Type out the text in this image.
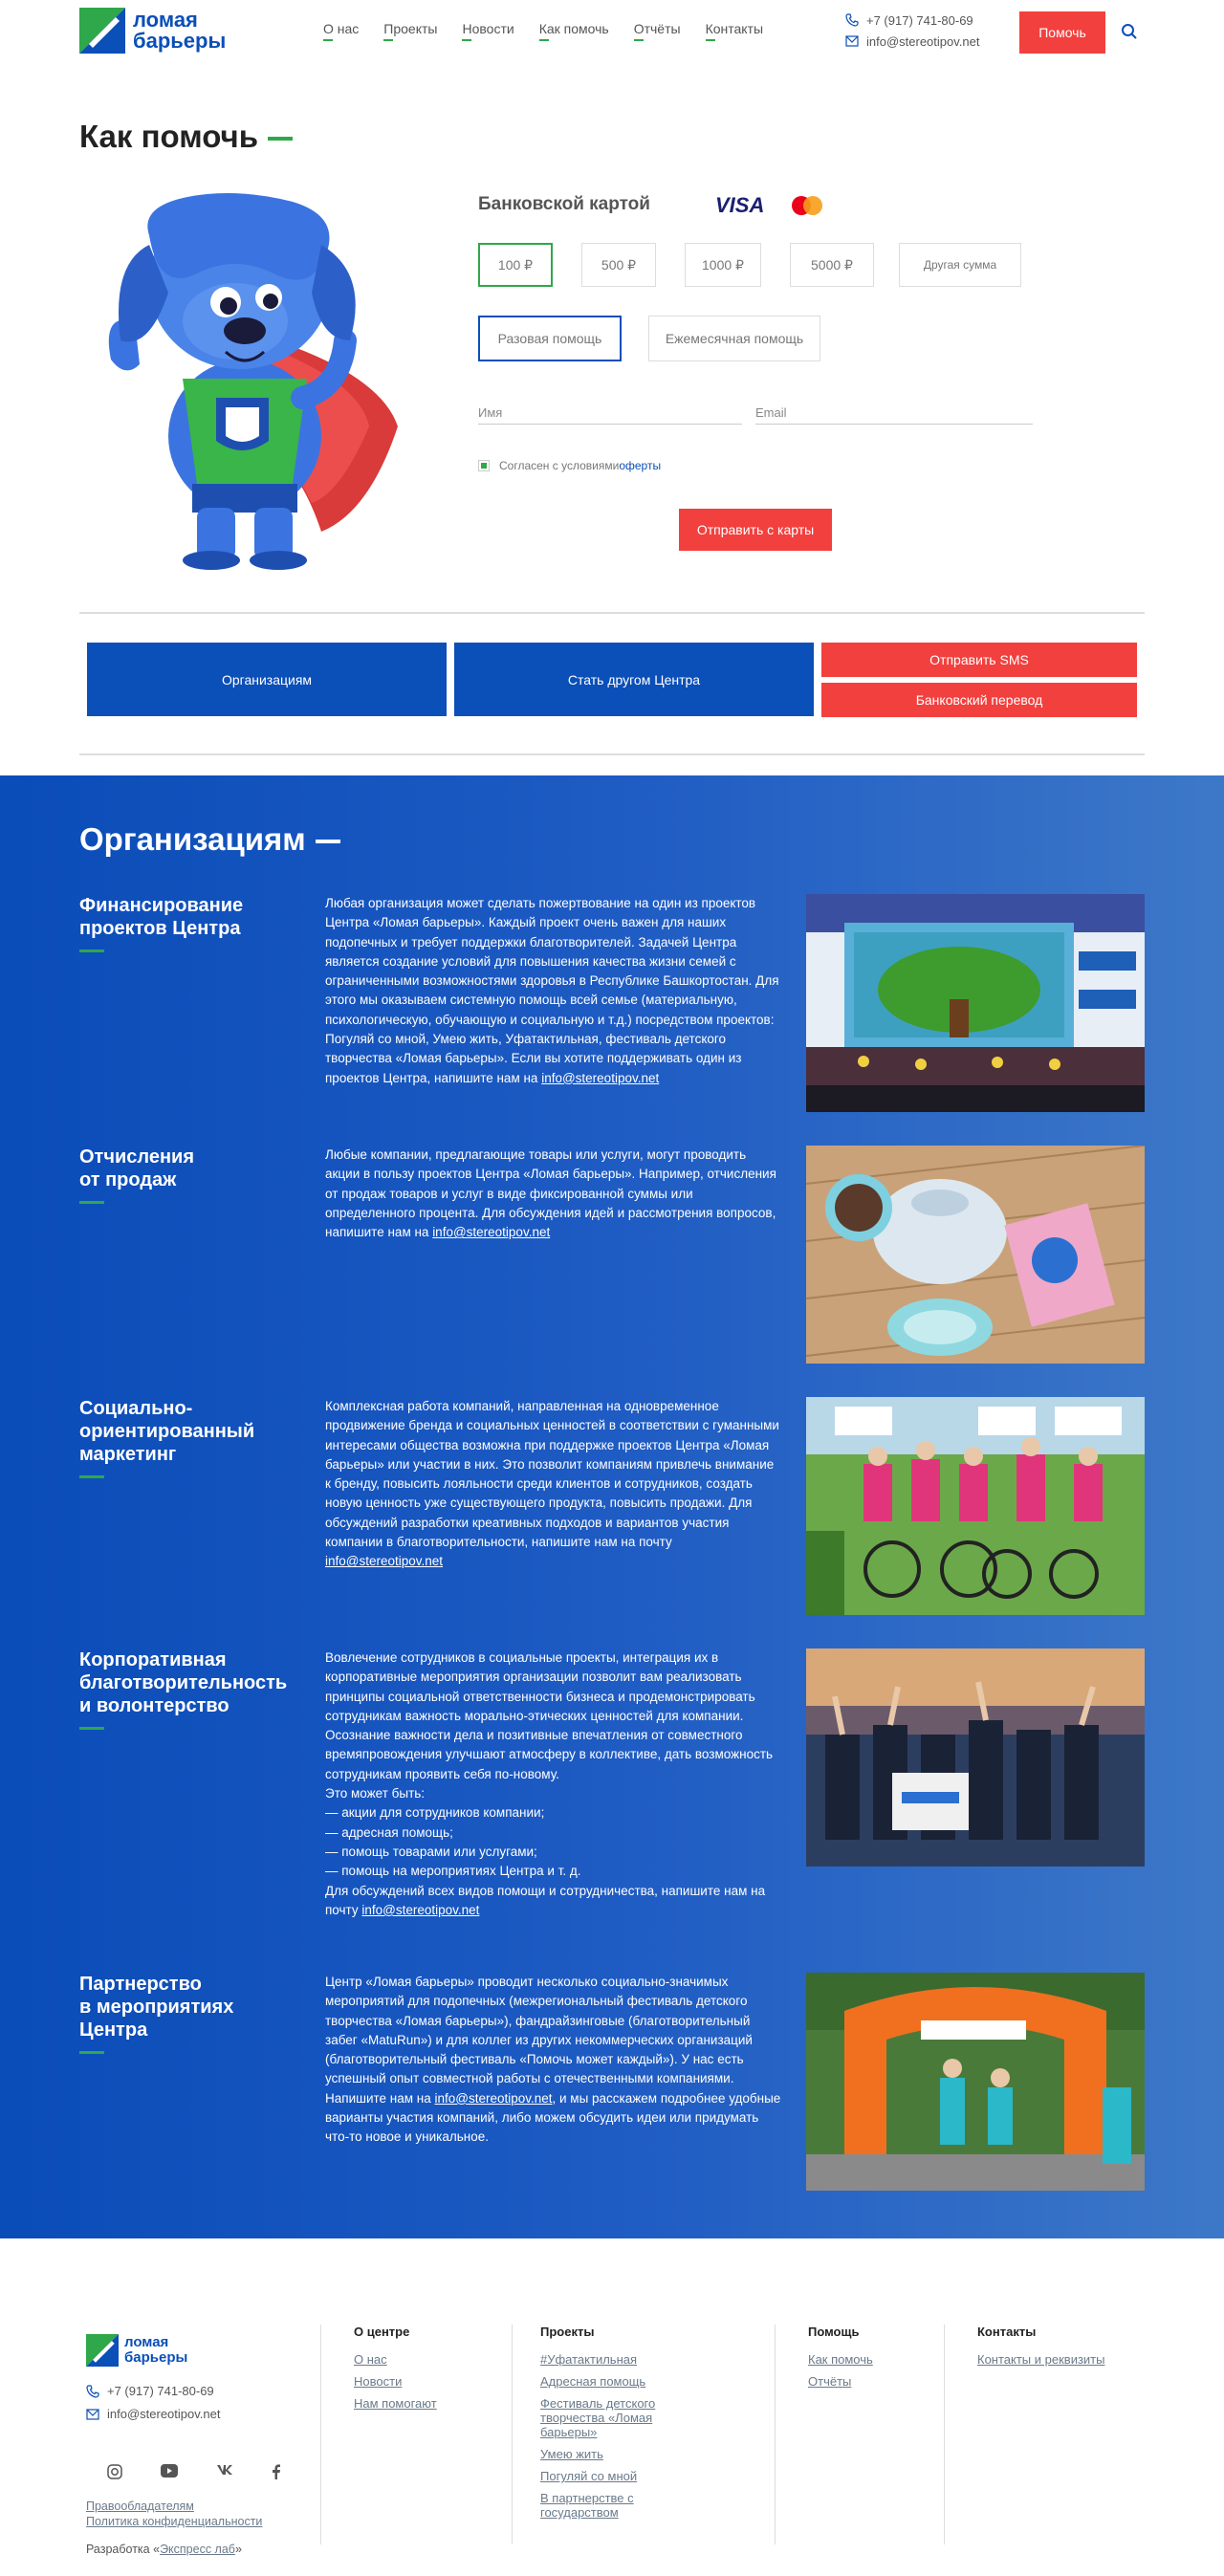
ломая
барьеры	О нас Проекты Новости Как помочь Отчёты Контакты
+7 (917) 741-80-69
info@stereotipov.net
Помочь
Как помочь
Банковской картой	VISA
100 ₽	500 ₽	1000 ₽	5000 ₽	Другая сумма
Разовая помощь	Ежемесячная помощь
Имя	Email
Согласен с условиями оферты
Отправить с карты
Организациям	Стать другом Центра
Отправить SMS
Банковский перевод
Организациям
Финансирование
проектов Центра
Любая организация может сделать пожертвование на один из проектов Центра «Ломая барьеры». Каждый проект очень важен для наших подопечных и требует поддержки благотворителей. Задачей Центра является создание условий для повышения качества жизни семей с ограниченными возможностями здоровья в Республике Башкортостан. Для этого мы оказываем системную помощь всей семье (материальную, психологическую, обучающую и социальную и т.д.) посредством проектов: Погуляй со мной, Умею жить, Уфатактильная, фестиваль детского творчества «Ломая барьеры». Если вы хотите поддерживать один из проектов Центра, напишите нам на info@stereotipov.net
Отчисления
от продаж
Любые компании, предлагающие товары или услуги, могут проводить акции в пользу проектов Центра «Ломая барьеры». Например, отчисления от продаж товаров и услуг в виде фиксированной суммы или определенного процента. Для обсуждения идей и рассмотрения вопросов, напишите нам на info@stereotipov.net
Социально-
ориентированный
маркетинг
Комплексная работа компаний, направленная на одновременное продвижение бренда и социальных ценностей в соответствии с гуманными интересами общества возможна при поддержке проектов Центра «Ломая барьеры» или участии в них. Это позволит компаниям привлечь внимание к бренду, повысить лояльности среди клиентов и сотрудников, создать новую ценность уже существующего продукта, повысить продажи. Для обсуждений разработки креативных подходов и вариантов участия компании в благотворительности, напишите нам на почту info@stereotipov.net
Корпоративная
благотворительность
и волонтерство
Вовлечение сотрудников в социальные проекты, интеграция их в корпоративные мероприятия организации позволит вам реализовать принципы социальной ответственности бизнеса и продемонстрировать сотрудникам важность морально-этических ценностей для компании.
Осознание важности дела и позитивные впечатления от совместного времяпровождения улучшают атмосферу в коллективе, дать возможность сотрудникам проявить себя по-новому.
Это может быть:
— акции для сотрудников компании;
— адресная помощь;
— помощь товарами или услугами;
— помощь на мероприятиях Центра и т. д.
Для обсуждений всех видов помощи и сотрудничества, напишите нам на почту info@stereotipov.net
Партнерство
в мероприятиях
Центра
Центр «Ломая барьеры» проводит несколько социально-значимых мероприятий для подопечных (межрегиональный фестиваль детского творчества «Ломая барьеры»), фандрайзинговые (благотворительный забег «MatuRun») и для коллег из других некоммерческих организаций (благотворительный фестиваль «Помочь может каждый»). У нас есть успешный опыт совместной работы с отечественными компаниями. Напишите нам на info@stereotipov.net, и мы расскажем подробнее удобные варианты участия компаний, либо можем обсудить идеи или придумать что-то новое и уникальное.
ломая
барьеры
+7 (917) 741-80-69
info@stereotipov.net
Правообладателям
Политика конфиденциальности
Разработка «Экспресс лаб»
О центре
О нас
Новости
Нам помогают
Проекты
#Уфатактильная
Адресная помощь
Фестиваль детского творчества «Ломая барьеры»
Умею жить
Погуляй со мной
В партнерстве с государством
Помощь
Как помочь
Отчёты
Контакты
Контакты и реквизиты
